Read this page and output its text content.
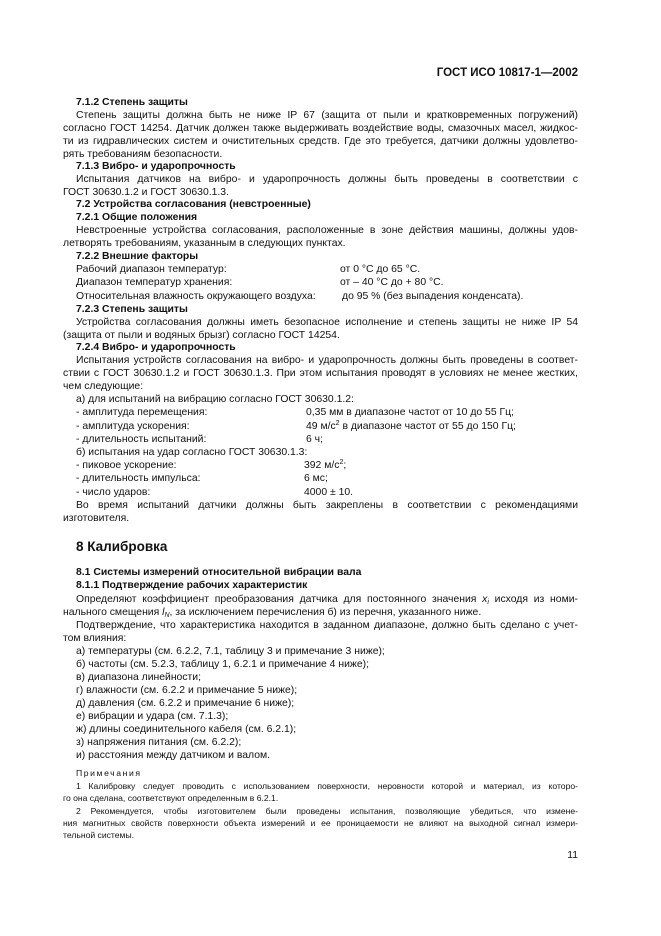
ГОСТ ИСО 10817-1—2002
7.1.2 Степень защиты
Степень защиты должна быть не ниже IP 67 (защита от пыли и кратковременных погружений)
согласно ГОСТ 14254. Датчик должен также выдерживать воздействие воды, смазочных масел, жидкос-
ти из гидравлических систем и очистительных средств. Где это требуется, датчики должны удовлетво-
рять требованиям безопасности.
7.1.3 Вибро- и ударопрочность
Испытания датчиков на вибро- и ударопрочность должны быть проведены в соответствии с
ГОСТ 30630.1.2 и ГОСТ 30630.1.3.
7.2 Устройства согласования (невстроенные)
7.2.1 Общие положения
Невстроенные устройства согласования, расположенные в зоне действия машины, должны удов-
летворять требованиям, указанным в следующих пунктах.
7.2.2 Внешние факторы
Рабочий диапазон температур:	от 0 °C до 65 °C.
Диапазон температур хранения:	от – 40 °C до + 80 °C.
Относительная влажность окружающего воздуха:	до 95 % (без выпадения конденсата).
7.2.3 Степень защиты
Устройства согласования должны иметь безопасное исполнение и степень защиты не ниже IP 54
(защита от пыли и водяных брызг) согласно ГОСТ 14254.
7.2.4 Вибро- и ударопрочность
Испытания устройств согласования на вибро- и ударопрочность должны быть проведены в соответ-
ствии с ГОСТ 30630.1.2 и ГОСТ 30630.1.3. При этом испытания проводят в условиях не менее жестких,
чем следующие:
а) для испытаний на вибрацию согласно ГОСТ 30630.1.2:
- амплитуда перемещения:	0,35 мм в диапазоне частот от 10 до 55 Гц;
- амплитуда ускорения:	49 $м/с^2$ в диапазоне частот от 55 до 150 Гц;
- длительность испытаний:	6 ч;
б) испытания на удар согласно ГОСТ 30630.1.3:
- пиковое ускорение:	392 $м/с^2$;
- длительность импульса:	6 мс;
- число ударов:	4000 ± 10.
Во время испытаний датчики должны быть закреплены в соответствии с рекомендациями
изготовителя.
8 Калибровка
8.1 Системы измерений относительной вибрации вала
8.1.1 Подтверждение рабочих характеристик
Определяют коэффициент преобразования датчика для постоянного значения $x_i$ исходя из номи-
нального смещения $l_N$, за исключением перечисления б) из перечня, указанного ниже.
Подтверждение, что характеристика находится в заданном диапазоне, должно быть сделано с учет-
том влияния:
а) температуры (см. 6.2.2, 7.1, таблицу 3 и примечание 3 ниже);
б) частоты (см. 5.2.3, таблицу 1, 6.2.1 и примечание 4 ниже);
в) диапазона линейности;
г) влажности (см. 6.2.2 и примечание 5 ниже);
д) давления (см. 6.2.2 и примечание 6 ниже);
е) вибрации и удара (см. 7.1.3);
ж) длины соединительного кабеля (см. 6.2.1);
з) напряжения питания (см. 6.2.2);
и) расстояния между датчиком и валом.
Примечания
1 Калибровку следует проводить с использованием поверхности, неровности которой и материал, из которо-
го она сделана, соответствуют определенным в 6.2.1.
2 Рекомендуется, чтобы изготовителем были проведены испытания, позволяющие убедиться, что измене-
ния магнитных свойств поверхности объекта измерений и ее проницаемости не влияют на выходной сигнал измери-
тельной системы.
11
